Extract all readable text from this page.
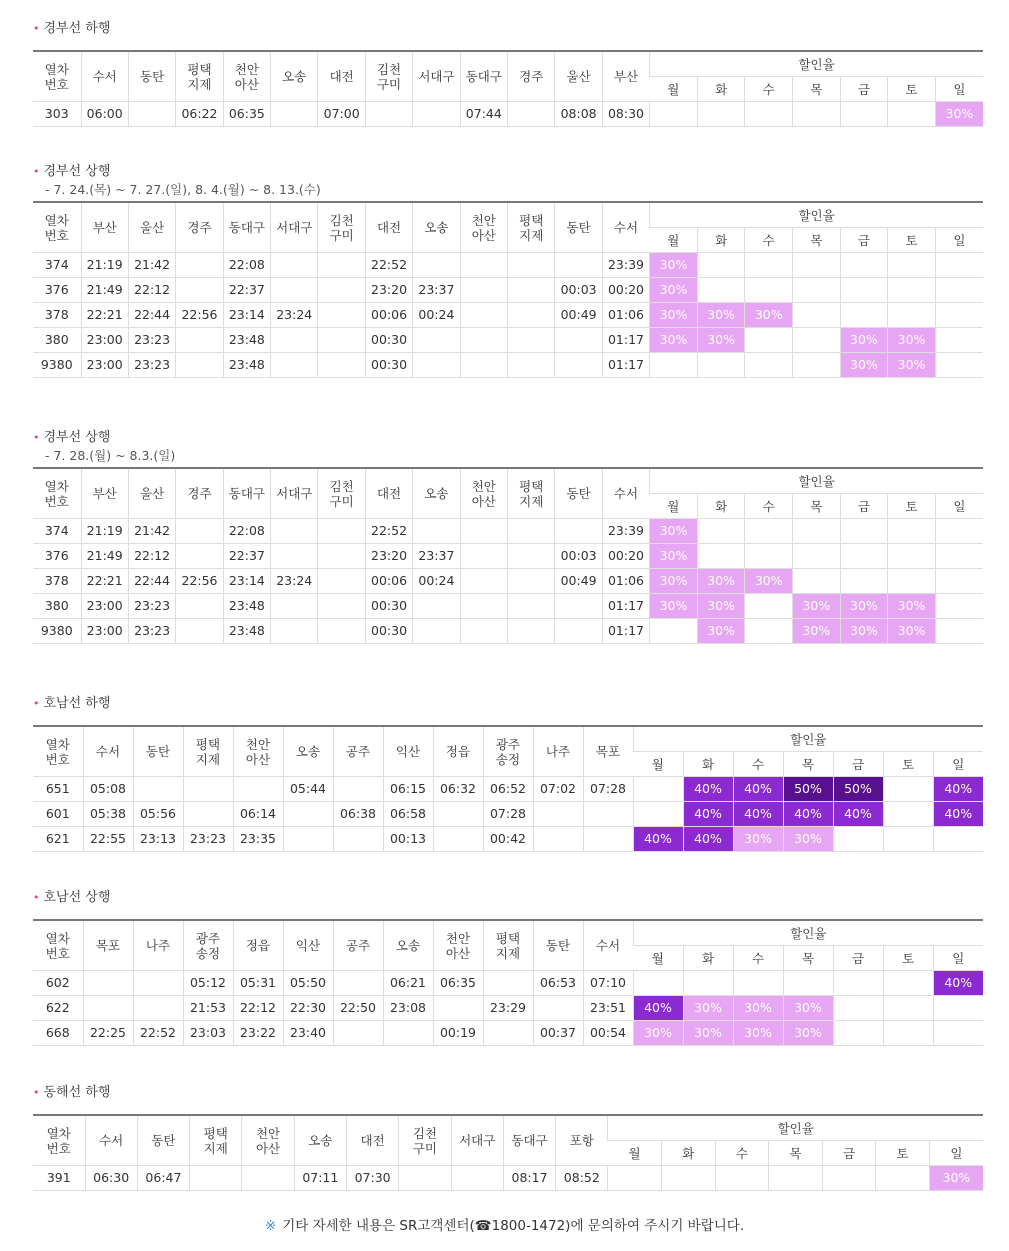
• 경부선 하행
열차
번호	수서	동탄	평택
지제	천안
아산	오송	대전	김천
구미	서대구	동대구	경주	울산	부산	할인율						
													월	화	수	목	금	토	일
303	06:00		06:22	06:35		07:00			07:44		08:08	08:30							30%
• 경부선 상행
- 7. 24.(목) ~ 7. 27.(일), 8. 4.(월) ~ 8. 13.(수)
열차
번호	부산	울산	경주	동대구	서대구	김천
구미	대전	오송	천안
아산	평택
지제	동탄	수서	할인율						
													월	화	수	목	금	토	일
374	21:19	21:42		22:08			22:52					23:39	30%						
376	21:49	22:12		22:37			23:20	23:37			00:03	00:20	30%						
378	22:21	22:44	22:56	23:14	23:24		00:06	00:24			00:49	01:06	30%	30%	30%				
380	23:00	23:23		23:48			00:30					01:17	30%	30%			30%	30%	
9380	23:00	23:23		23:48			00:30					01:17					30%	30%	
• 경부선 상행
- 7. 28.(월) ~ 8.3.(일)
열차
번호	부산	울산	경주	동대구	서대구	김천
구미	대전	오송	천안
아산	평택
지제	동탄	수서	할인율						
													월	화	수	목	금	토	일
374	21:19	21:42		22:08			22:52					23:39	30%						
376	21:49	22:12		22:37			23:20	23:37			00:03	00:20	30%						
378	22:21	22:44	22:56	23:14	23:24		00:06	00:24			00:49	01:06	30%	30%	30%				
380	23:00	23:23		23:48			00:30					01:17	30%	30%		30%	30%	30%	
9380	23:00	23:23		23:48			00:30					01:17		30%		30%	30%	30%	
• 호남선 하행
열차
번호	수서	동탄	평택
지제	천안
아산	오송	공주	익산	정읍	광주
송정	나주	목포	할인율						
												월	화	수	목	금	토	일
651	05:08				05:44		06:15	06:32	06:52	07:02	07:28		40%	40%	50%	50%		40%
601	05:38	05:56		06:14		06:38	06:58		07:28				40%	40%	40%	40%		40%
621	22:55	23:13	23:23	23:35			00:13		00:42			40%	40%	30%	30%			
• 호남선 상행
열차
번호	목포	나주	광주
송정	정읍	익산	공주	오송	천안
아산	평택
지제	동탄	수서	할인율						
												월	화	수	목	금	토	일
602			05:12	05:31	05:50		06:21	06:35		06:53	07:10							40%
622			21:53	22:12	22:30	22:50	23:08		23:29		23:51	40%	30%	30%	30%			
668	22:25	22:52	23:03	23:22	23:40			00:19		00:37	00:54	30%	30%	30%	30%			
• 동해선 하행
열차
번호	수서	동탄	평택
지제	천안
아산	오송	대전	김천
구미	서대구	동대구	포항	할인율						
											월	화	수	목	금	토	일
391	06:30	06:47			07:11	07:30			08:17	08:52							30%
※ 기타 자세한 내용은 SR고객센터(☎1800-1472)에 문의하여 주시기 바랍니다.
